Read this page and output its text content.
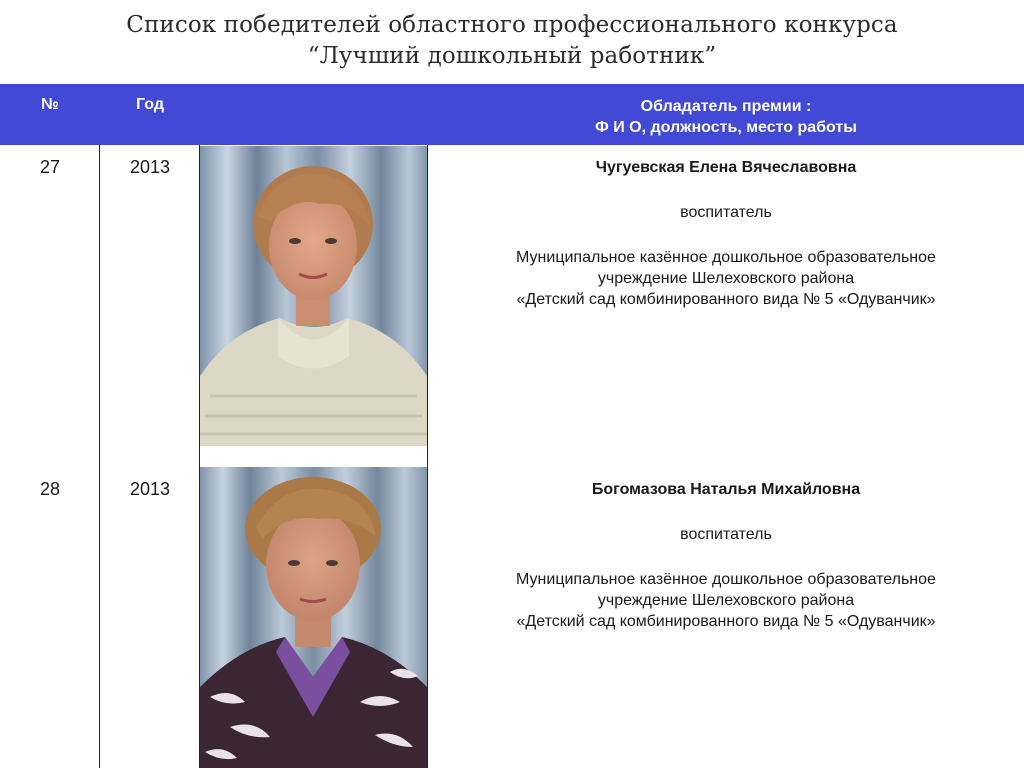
Список победителей областного профессионального конкурса
“Лучший дошкольный работник”
№	Год	Обладатель премии :
Ф И О, должность, место работы
27	2013	Чугуевская Елена Вячеславовна
воспитатель
Муниципальное казённое дошкольное образовательное
учреждение Шелеховского района
«Детский сад комбинированного вида № 5 «Одуванчик»
28	2013	Богомазова Наталья Михайловна
воспитатель
Муниципальное казённое дошкольное образовательное
учреждение Шелеховского района
«Детский сад комбинированного вида № 5 «Одуванчик»
